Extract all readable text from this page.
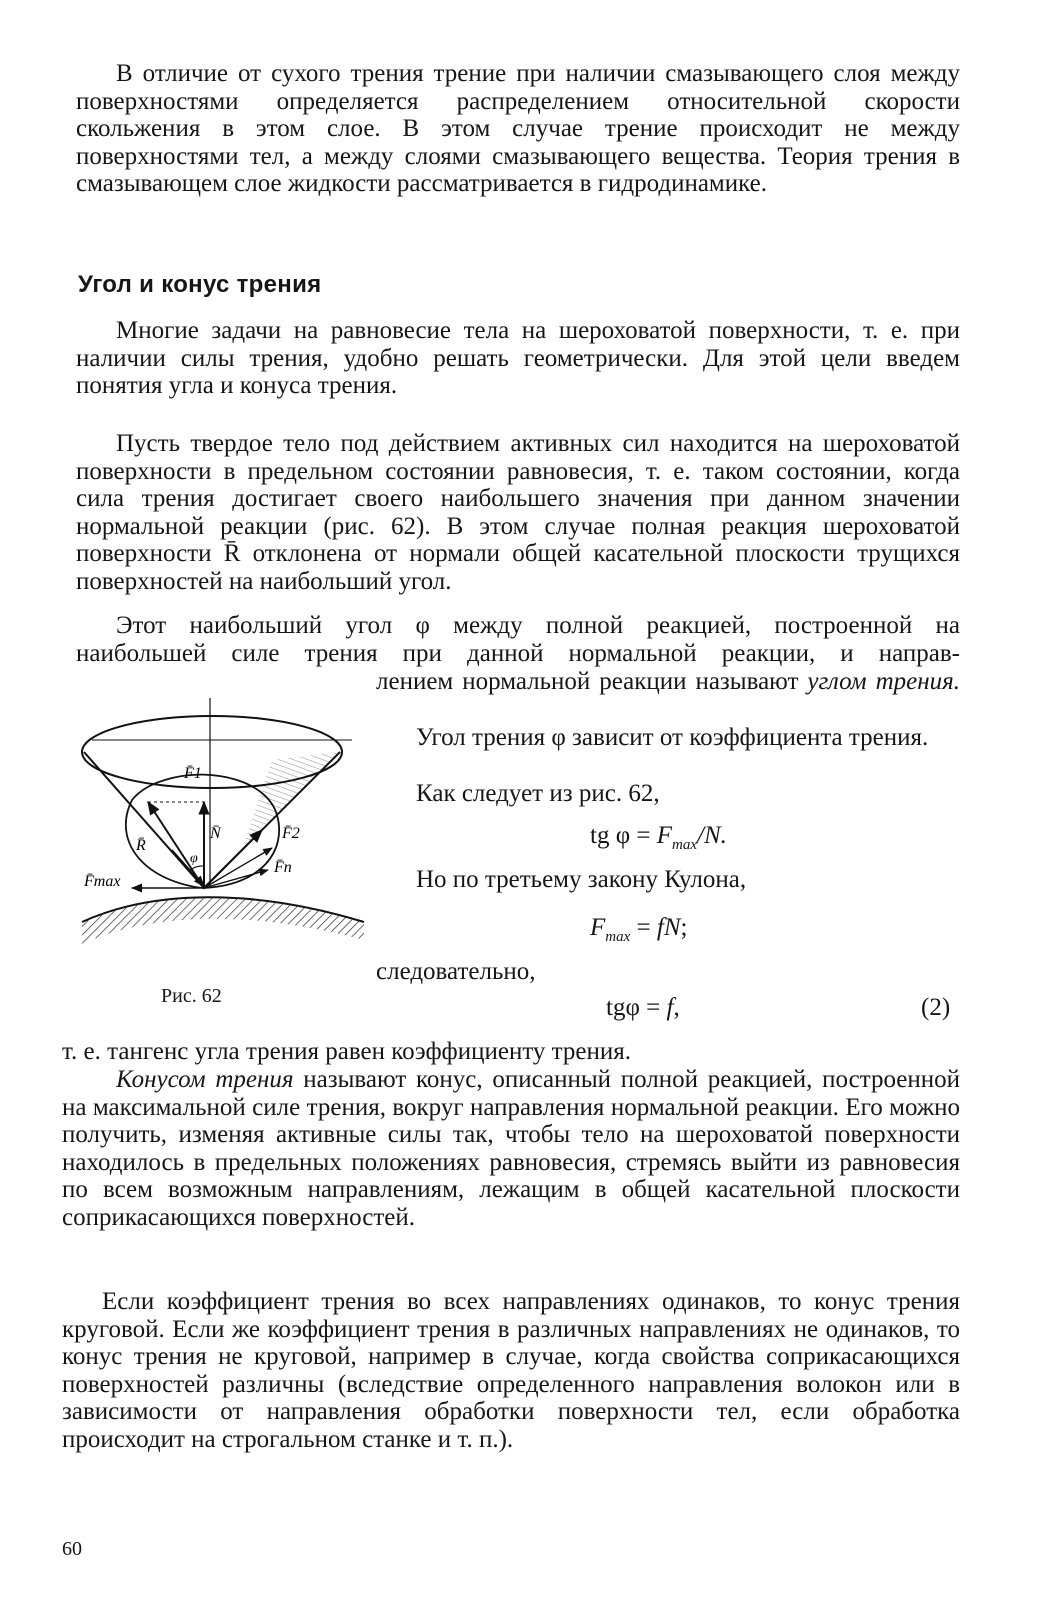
В отличие от сухого трения трение при наличии смазывающего слоя между поверхностями определяется распределением относительной скорости скольжения в этом слое. В этом случае трение происходит не между поверхностями тел, а между слоями смазывающего вещества. Теория трения в смазывающем слое жидкости рассматривается в гидродинамике.

Угол и конус трения

Многие задачи на равновесие тела на шероховатой поверхности, т. е. при наличии силы трения, удобно решать геометрически. Для этой цели введем понятия угла и конуса трения.

Пусть твердое тело под действием активных сил находится на шероховатой поверхности в предельном состоянии равновесия, т. е. таком состоянии, когда сила трения достигает своего наибольшего значения при данном значении нормальной реакции (рис. 62). В этом случае полная реакция шероховатой поверхности R̄ отклонена от нормали общей касательной плоскости трущихся поверхностей на наибольший угол.

Этот наибольший угол φ между полной реакцией, построенной на

наибольшей силе трения при данной нормальной реакции, и направ-

лением нормальной реакции называют углом трения.

Угол трения φ зависит от коэффициента трения.

Как следует из рис. 62,

tg $\varphi = F_{max}/N$.

Но по третьему закону Кулона,

$F_{max}$ = fN;

следовательно,

tgφ = f,	(2)
F̄1
N̄
R̄
φ
F̄2
F̄n
F̄max
Рис. 62

т. е. тангенс угла трения равен коэффициенту трения.

Конусом трения называют конус, описанный полной реакцией, построенной на максимальной силе трения, вокруг направления нормальной реакции. Его можно получить, изменяя активные силы так, чтобы тело на шероховатой поверхности находилось в предельных положениях равновесия, стремясь выйти из равновесия по всем возможным направлениям, лежащим в общей касательной плоскости соприкасающихся поверхностей.

Если коэффициент трения во всех направлениях одинаков, то конус трения круговой. Если же коэффициент трения в различных направлениях не одинаков, то конус трения не круговой, например в случае, когда свойства соприкасающихся поверхностей различны (вследствие определенного направления волокон или в зависимости от направления обработки поверхности тел, если обработка происходит на строгальном станке и т. п.).

60
